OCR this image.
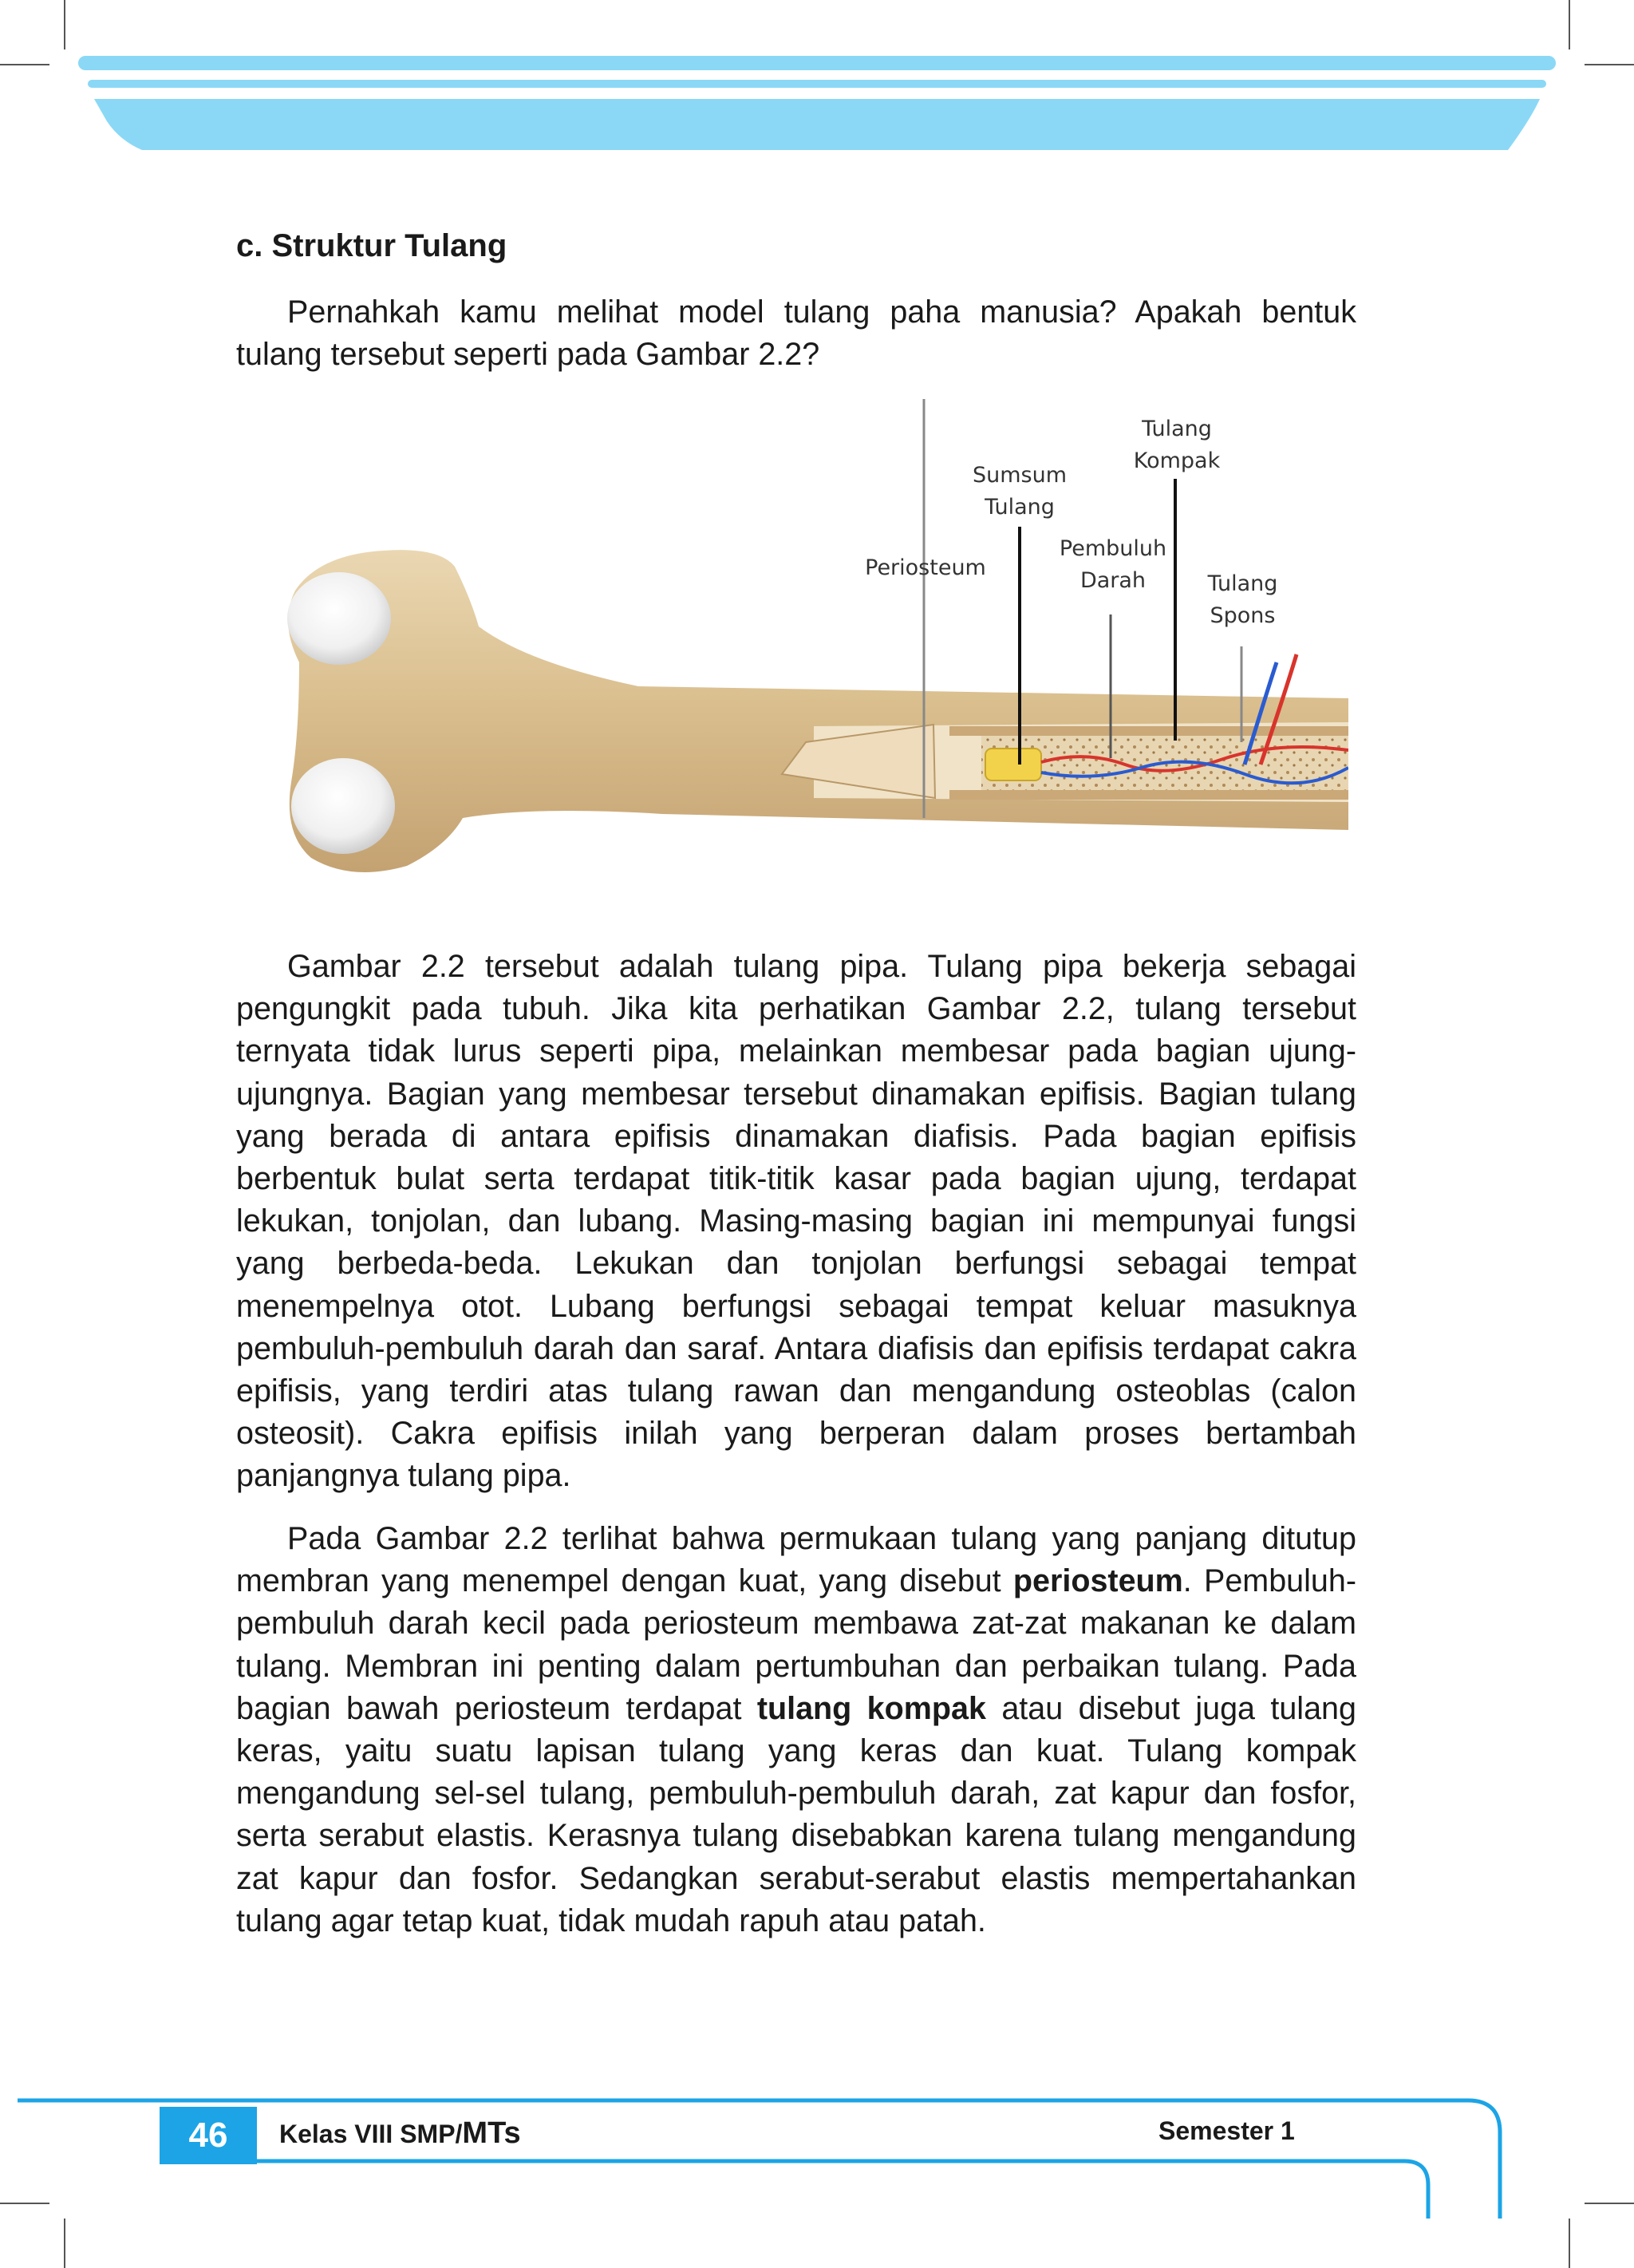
c. Struktur Tulang

Pernahkah kamu melihat model tulang paha manusia? Apakah bentuk tulang tersebut seperti pada Gambar 2.2?

Periosteum
Sumsum
Tulang
Tulang
Kompak
Pembuluh
Darah	Tulang
Spons

Gambar 2.2 tersebut adalah tulang pipa. Tulang pipa bekerja sebagai pengungkit pada tubuh. Jika kita perhatikan Gambar 2.2, tulang tersebut ternyata tidak lurus seperti pipa, melainkan membesar pada bagian ujung-ujungnya. Bagian yang membesar tersebut dinamakan epifisis. Bagian tulang yang berada di antara epifisis dinamakan diafisis. Pada bagian epifisis berbentuk bulat serta terdapat titik-titik kasar pada bagian ujung, terdapat lekukan, tonjolan, dan lubang. Masing-masing bagian ini mempunyai fungsi yang berbeda-beda. Lekukan dan tonjolan berfungsi sebagai tempat menempelnya otot. Lubang berfungsi sebagai tempat keluar masuknya pembuluh-pembuluh darah dan saraf. Antara diafisis dan epifisis terdapat cakra epifisis, yang terdiri atas tulang rawan dan mengandung osteoblas (calon osteosit). Cakra epifisis inilah yang berperan dalam proses bertambah panjangnya tulang pipa.

Pada Gambar 2.2 terlihat bahwa permukaan tulang yang panjang ditutup membran yang menempel dengan kuat, yang disebut periosteum. Pembuluh-pembuluh darah kecil pada periosteum membawa zat-zat makanan ke dalam tulang. Membran ini penting dalam pertumbuhan dan perbaikan tulang. Pada bagian bawah periosteum terdapat tulang kompak atau disebut juga tulang keras, yaitu suatu lapisan tulang yang keras dan kuat. Tulang kompak mengandung sel-sel tulang, pembuluh-pembuluh darah, zat kapur dan fosfor, serta serabut elastis. Kerasnya tulang disebabkan karena tulang mengandung zat kapur dan fosfor. Sedangkan serabut-serabut elastis mempertahankan tulang agar tetap kuat, tidak mudah rapuh atau patah.

46	Kelas VIII SMP/MTs	Semester 1
